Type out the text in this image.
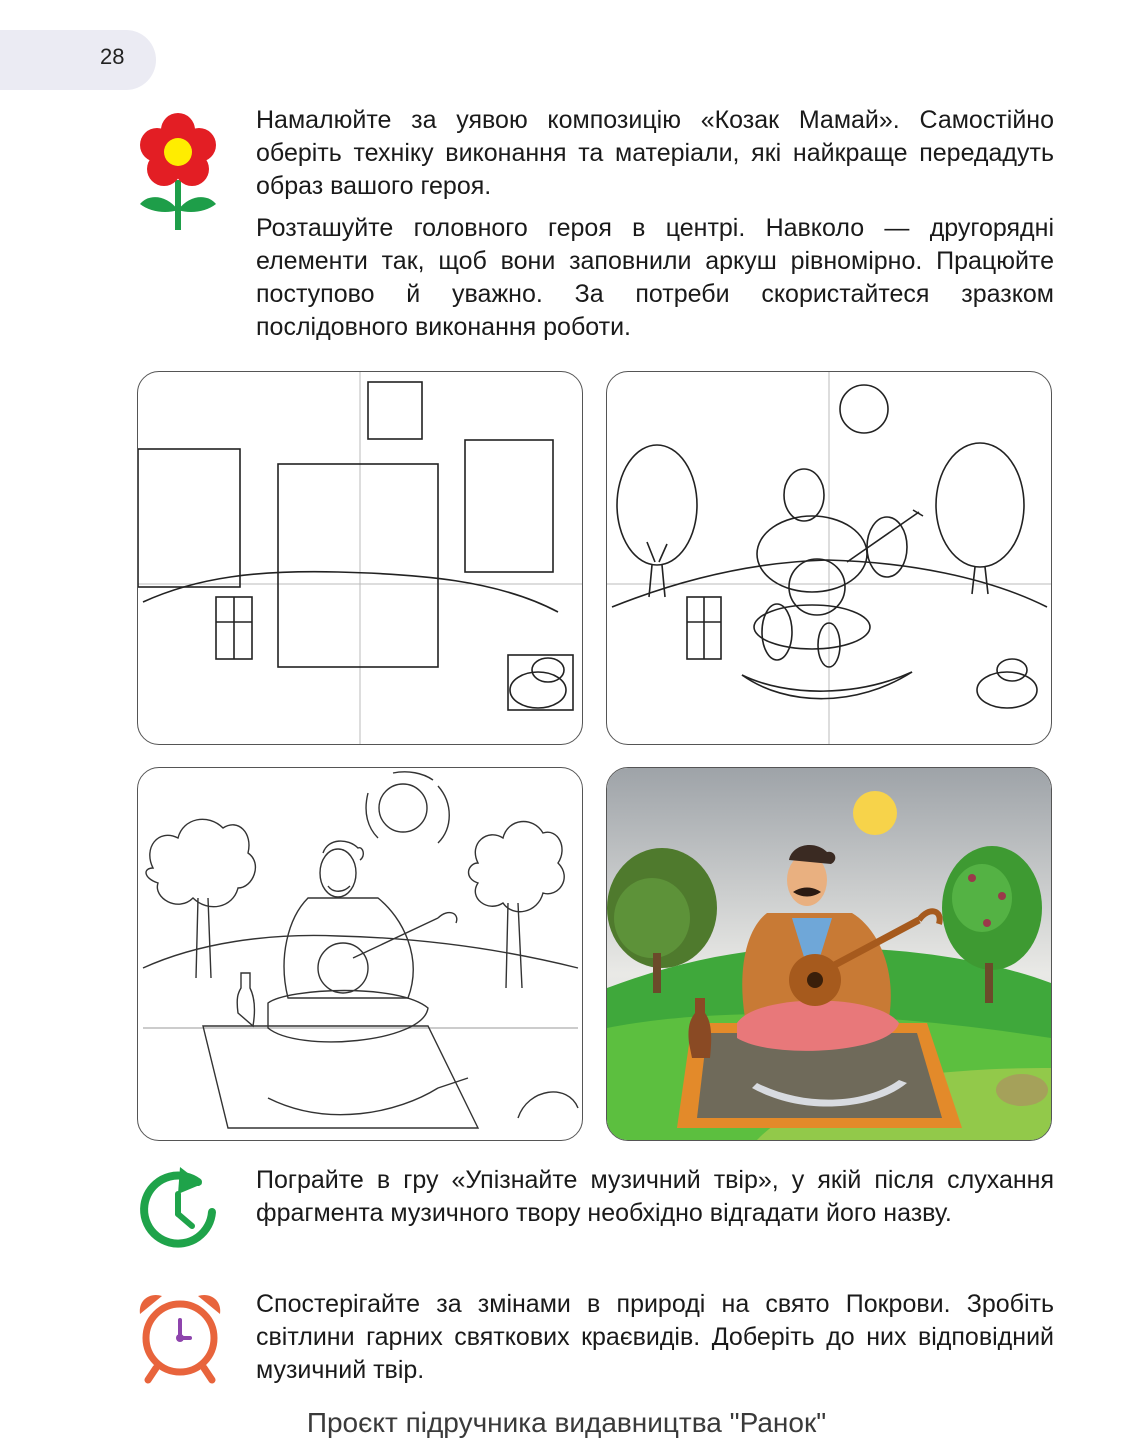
28

Намалюйте за уявою композицію «Козак Мамай». Самостійно оберіть техніку виконання та матеріали, які найкраще передадуть образ вашого героя.

Розташуйте головного героя в центрі. Навколо — другорядні елементи так, щоб вони заповнили аркуш рівномірно. Працюйте поступово й уважно. За потреби скористайтеся зразком послідовного виконання роботи.

Пограйте в гру «Упізнайте музичний твір», у якій після слухання фрагмента музичного твору необхідно відгадати його назву.

Спостерігайте за змінами в природі на свято Покрови. Зробіть світлини гарних святкових краєвидів. Доберіть до них відповідний музичний твір.

Проєкт підручника видавництва "Ранок"
